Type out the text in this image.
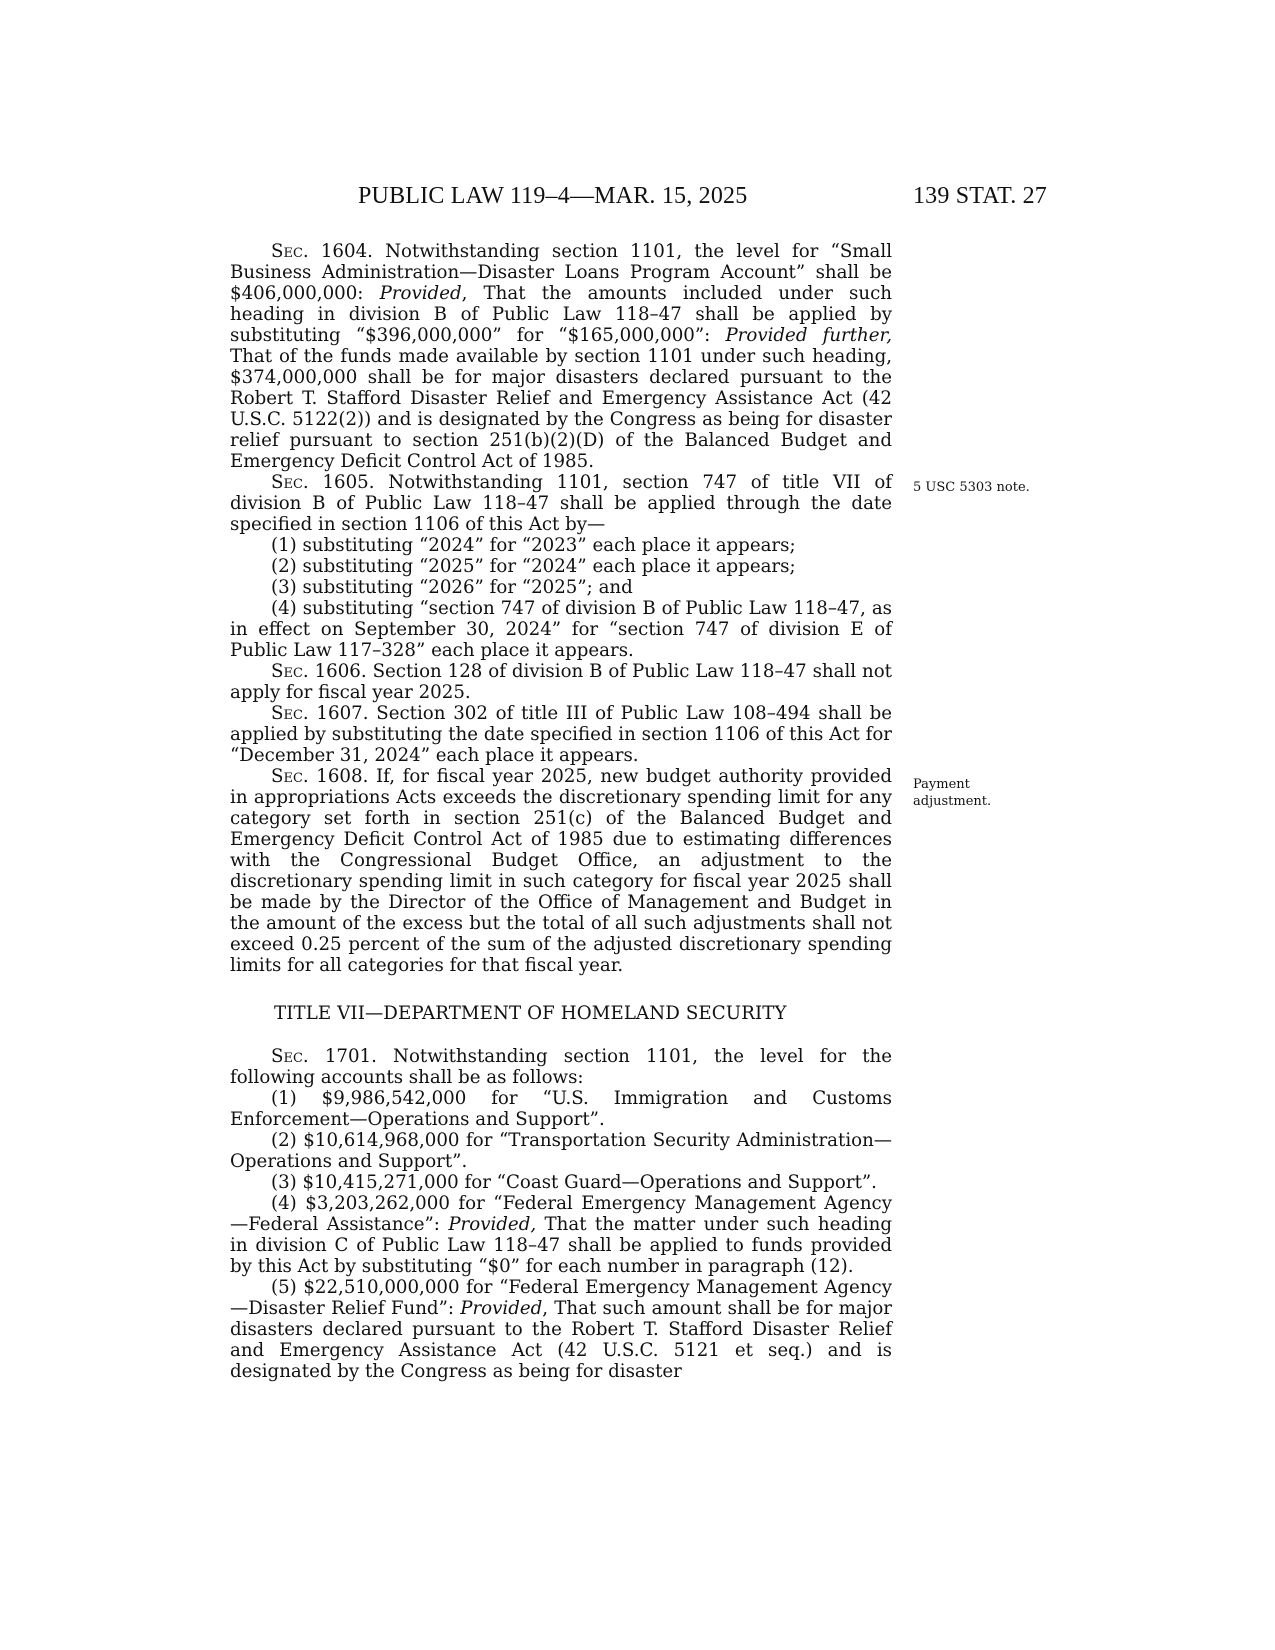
PUBLIC LAW 119–4—MAR. 15, 2025	139 STAT. 27
5 USC 5303 note.
Payment adjustment.

Sec. 1604. Notwithstanding section 1101, the level for “Small Business Administration—Disaster Loans Program Account” shall be $406,000,000: Provided, That the amounts included under such heading in division B of Public Law 118–47 shall be applied by substituting “$396,000,000” for “$165,000,000”: Provided further, That of the funds made available by section 1101 under such heading, $374,000,000 shall be for major disasters declared pursuant to the Robert T. Stafford Disaster Relief and Emergency Assistance Act (42 U.S.C. 5122(2)) and is designated by the Congress as being for disaster relief pursuant to section 251(b)(2)(D) of the Balanced Budget and Emergency Deficit Control Act of 1985.

Sec. 1605. Notwithstanding 1101, section 747 of title VII of division B of Public Law 118–47 shall be applied through the date specified in section 1106 of this Act by—

(1) substituting “2024” for “2023” each place it appears;

(2) substituting “2025” for “2024” each place it appears;

(3) substituting “2026” for “2025”; and

(4) substituting “section 747 of division B of Public Law 118–47, as in effect on September 30, 2024” for “section 747 of division E of Public Law 117–328” each place it appears.

Sec. 1606. Section 128 of division B of Public Law 118–47 shall not apply for fiscal year 2025.

Sec. 1607. Section 302 of title III of Public Law 108–494 shall be applied by substituting the date specified in section 1106 of this Act for “December 31, 2024” each place it appears.

Sec. 1608. If, for fiscal year 2025, new budget authority provided in appropriations Acts exceeds the discretionary spending limit for any category set forth in section 251(c) of the Balanced Budget and Emergency Deficit Control Act of 1985 due to estimating differences with the Congressional Budget Office, an adjustment to the discretionary spending limit in such category for fiscal year 2025 shall be made by the Director of the Office of Management and Budget in the amount of the excess but the total of all such adjustments shall not exceed 0.25 percent of the sum of the adjusted discretionary spending limits for all categories for that fiscal year.

TITLE VII—DEPARTMENT OF HOMELAND SECURITY

Sec. 1701. Notwithstanding section 1101, the level for the following accounts shall be as follows:

(1) $9,986,542,000 for “U.S. Immigration and Customs Enforcement—Operations and Support”.

(2) $10,614,968,000 for “Transportation Security Administration—Operations and Support”.

(3) $10,415,271,000 for “Coast Guard—Operations and Support”.

(4) $3,203,262,000 for “Federal Emergency Management Agency—Federal Assistance”: Provided, That the matter under such heading in division C of Public Law 118–47 shall be applied to funds provided by this Act by substituting “$0” for each number in paragraph (12).

(5) $22,510,000,000 for “Federal Emergency Management Agency—Disaster Relief Fund”: Provided, That such amount shall be for major disasters declared pursuant to the Robert T. Stafford Disaster Relief and Emergency Assistance Act (42 U.S.C. 5121 et seq.) and is designated by the Congress as being for disaster
